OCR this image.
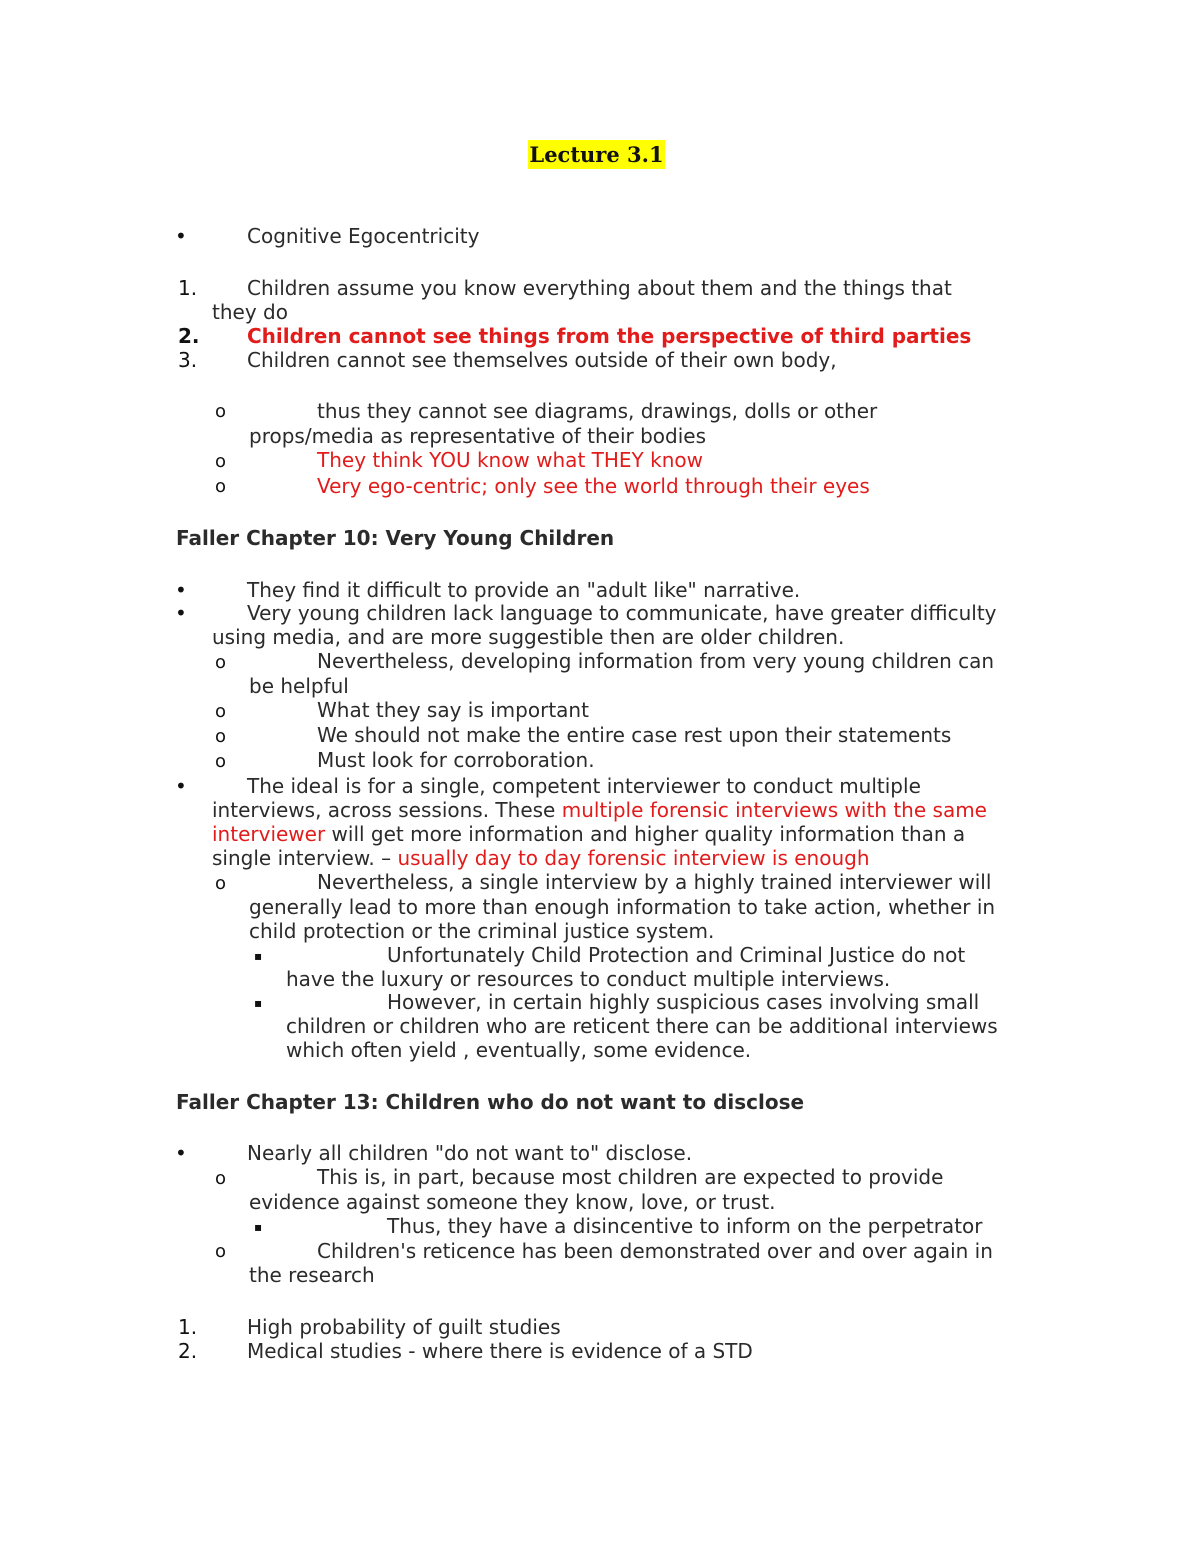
Lecture 3.1
•	Cognitive Egocentricity
1. Children assume you know everything about them and the things that
they do
2. Children cannot see things from the perspective of third parties
3. Children cannot see themselves outside of their own body,
o	thus they cannot see diagrams, drawings, dolls or other
props/media as representative of their bodies
o	They think YOU know what THEY know
o	Very ego-centric; only see the world through their eyes
Faller Chapter 10: Very Young Children
•	They find it difficult to provide an "adult like" narrative.
•	Very young children lack language to communicate, have greater difficulty
using media, and are more suggestible then are older children.
o	Nevertheless, developing information from very young children can
be helpful
o	What they say is important
o	We should not make the entire case rest upon their statements
o	Must look for corroboration.
•	The ideal is for a single, competent interviewer to conduct multiple
interviews, across sessions. These multiple forensic interviews with the same
interviewer will get more information and higher quality information than a
single interview. – usually day to day forensic interview is enough
o	Nevertheless, a single interview by a highly trained interviewer will
generally lead to more than enough information to take action, whether in
child protection or the criminal justice system.
▪	Unfortunately Child Protection and Criminal Justice do not
have the luxury or resources to conduct multiple interviews.
▪	However, in certain highly suspicious cases involving small
children or children who are reticent there can be additional interviews
which often yield , eventually, some evidence.
Faller Chapter 13: Children who do not want to disclose
•	Nearly all children "do not want to" disclose.
o	This is, in part, because most children are expected to provide
evidence against someone they know, love, or trust.
▪	Thus, they have a disincentive to inform on the perpetrator
o	Children's reticence has been demonstrated over and over again in
the research
1. High probability of guilt studies
2. Medical studies - where there is evidence of a STD
